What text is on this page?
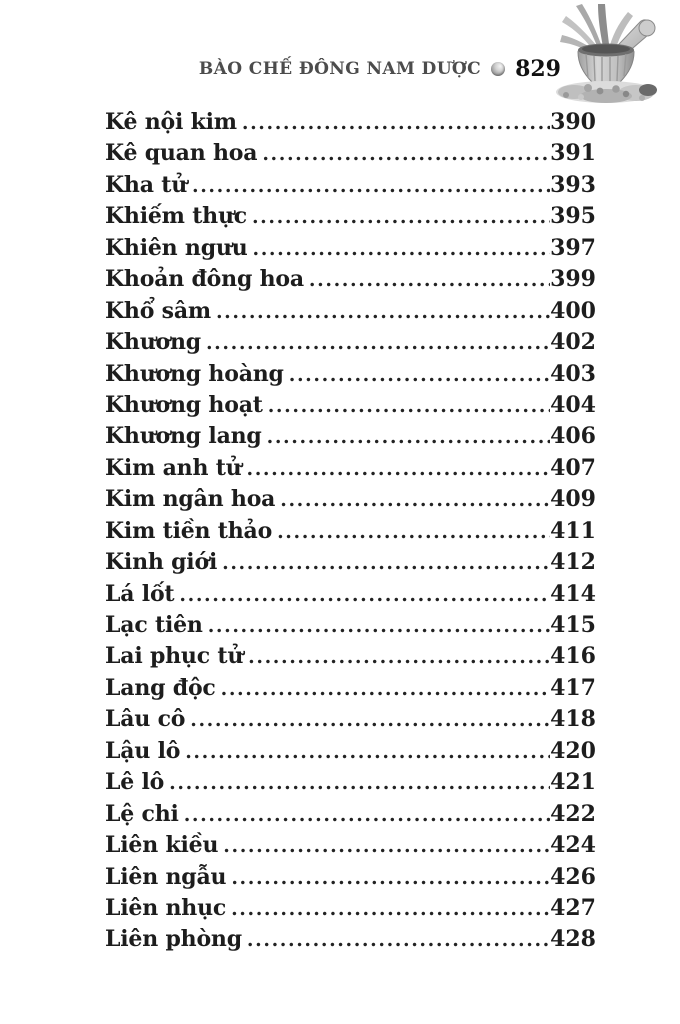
BÀO CHẾ ĐÔNG NAM DƯỢC 829
Kê nội kim .....	390
Kê quan hoa .....	391
Kha tử .....	393
Khiếm thực .....	395
Khiên ngưu .....	397
Khoản đông hoa .....	399
Khổ sâm .....	400
Khương .....	402
Khương hoàng .....	403
Khương hoạt .....	404
Khương lang .....	406
Kim anh tử .....	407
Kim ngân hoa .....	409
Kim tiền thảo .....	411
Kinh giới .....	412
Lá lốt .....	414
Lạc tiên .....	415
Lai phục tử .....	416
Lang độc .....	417
Lâu cô .....	418
Lậu lô .....	420
Lê lô .....	421
Lệ chi .....	422
Liên kiều .....	424
Liên ngẫu .....	426
Liên nhục .....	427
Liên phòng .....	428
